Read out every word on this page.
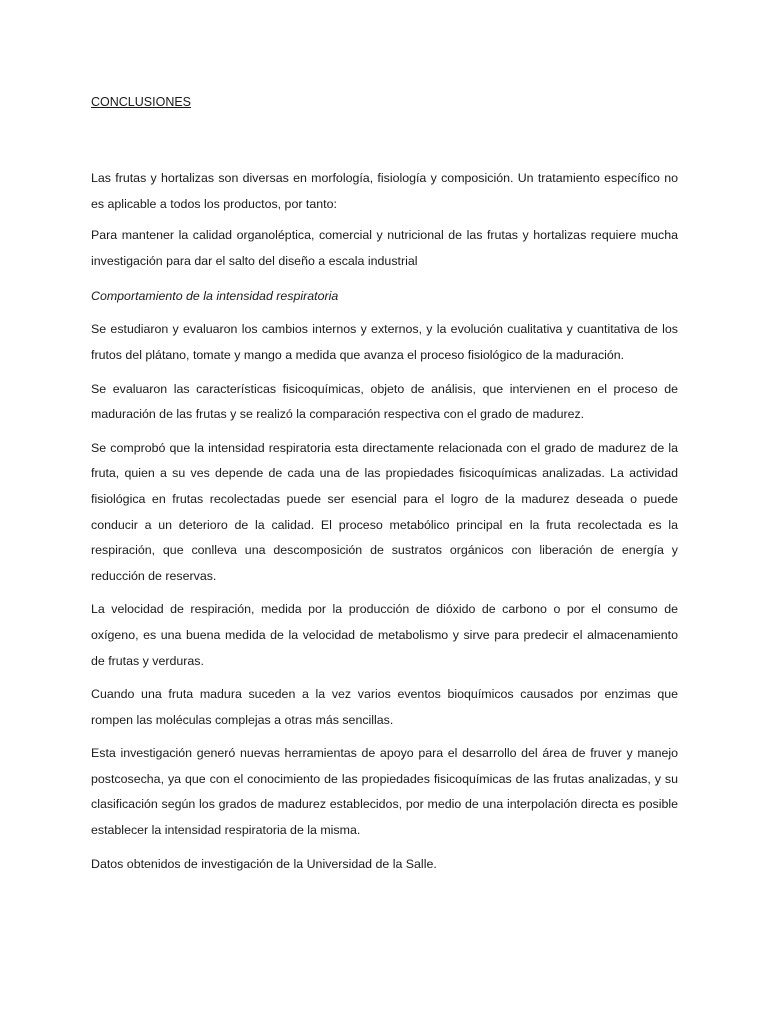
CONCLUSIONES

Las frutas y hortalizas son diversas en morfología, fisiología y composición. Un tratamiento específico no es aplicable a todos los productos, por tanto:

Para mantener la calidad organoléptica, comercial y nutricional de las frutas y hortalizas requiere mucha investigación para dar el salto del diseño a escala industrial

Comportamiento de la intensidad respiratoria

Se estudiaron y evaluaron los cambios internos y externos, y la evolución cualitativa y cuantitativa de los frutos del plátano, tomate y mango a medida que avanza el proceso fisiológico de la maduración.

Se evaluaron las características fisicoquímicas, objeto de análisis, que intervienen en el proceso de maduración de las frutas y se realizó la comparación respectiva con el grado de madurez.

Se comprobó que la intensidad respiratoria esta directamente relacionada con el grado de madurez de la fruta, quien a su ves depende de cada una de las propiedades fisicoquímicas analizadas. La actividad fisiológica en frutas recolectadas puede ser esencial para el logro de la madurez deseada o puede conducir a un deterioro de la calidad. El proceso metabólico principal en la fruta recolectada es la respiración, que conlleva una descomposición de sustratos orgánicos con liberación de energía y reducción de reservas.

La velocidad de respiración, medida por la producción de dióxido de carbono o por el consumo de oxígeno, es una buena medida de la velocidad de metabolismo y sirve para predecir el almacenamiento de frutas y verduras.

Cuando una fruta madura suceden a la vez varios eventos bioquímicos causados por enzimas que rompen las moléculas complejas a otras más sencillas.

Esta investigación generó nuevas herramientas de apoyo para el desarrollo del área de fruver y manejo postcosecha, ya que con el conocimiento de las propiedades fisicoquímicas de las frutas analizadas, y su clasificación según los grados de madurez establecidos, por medio de una interpolación directa es posible establecer la intensidad respiratoria de la misma.

Datos obtenidos de investigación de la Universidad de la Salle.
